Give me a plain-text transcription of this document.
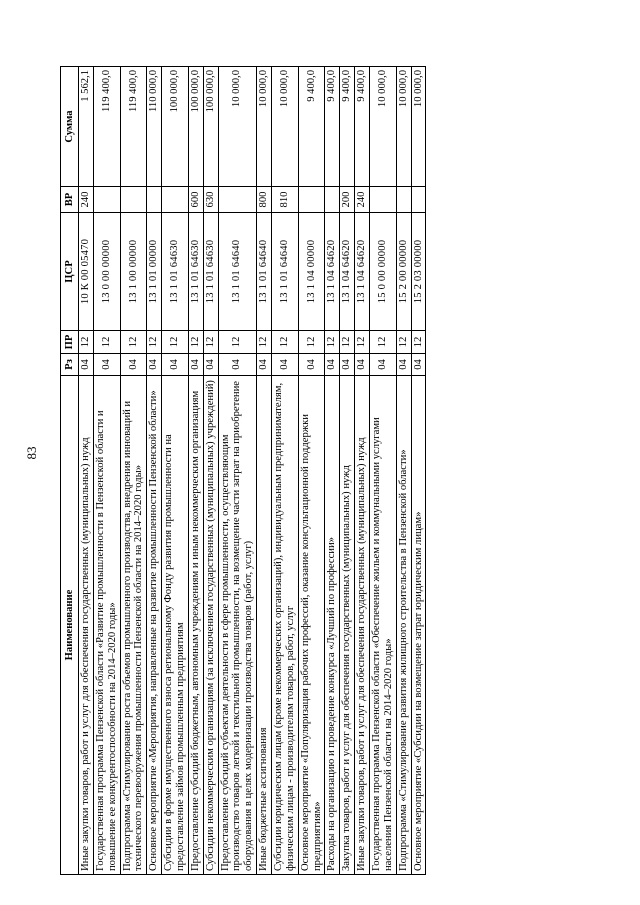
83
Наименование	Рз	ПР	ЦСР	ВР	Сумма
Иные закупки товаров, работ и услуг для обеспечения государственных (муниципальных) нужд	04	12	10 К 00 05470	240	1 562,1
Государственная программа Пензенской области «Развитие промышленности в Пензенской области и повышение ее конкурентоспособности на 2014–2020 годы»	04	12	13 0 00 00000		119 400,0
Подпрограмма «Стимулирование роста объемов промышленного производства, внедрения инноваций и технического перевооружения промышленности Пензенской области на 2014–2020 годы»	04	12	13 1 00 00000		119 400,0
Основное мероприятие «Мероприятия, направленные на развитие промышленности Пензенской области»	04	12	13 1 01 00000		110 000,0
Субсидии в форме имущественного взноса региональному Фонду развития промышленности на предоставление займов промышленным предприятиям	04	12	13 1 01 64630		100 000,0
Предоставление субсидий бюджетным, автономным учреждениям и иным некоммерческим организациям	04	12	13 1 01 64630	600	100 000,0
Субсидии некоммерческим организациям (за исключением государственных (муниципальных) учреждений)	04	12	13 1 01 64630	630	100 000,0
Предоставление субсидий субъектам деятельности в сфере промышленности, осуществляющим производство товаров легкой и текстильной промышленности, на возмещение части затрат на приобретение оборудования в целях модернизации производства товаров (работ, услуг)	04	12	13 1 01 64640		10 000,0
Иные бюджетные ассигнования	04	12	13 1 01 64640	800	10 000,0
Субсидии юридическим лицам (кроме некоммерческих организаций), индивидуальным предпринимателям, физическим лицам - производителям товаров, работ, услуг	04	12	13 1 01 64640	810	10 000,0
Основное мероприятие «Популяризация рабочих профессий, оказание консультационной поддержки предприятиям»	04	12	13 1 04 00000		9 400,0
Расходы на организацию и проведение конкурса «Лучший по профессии»	04	12	13 1 04 64620		9 400,0
Закупка товаров, работ и услуг для обеспечения государственных (муниципальных) нужд	04	12	13 1 04 64620	200	9 400,0
Иные закупки товаров, работ и услуг для обеспечения государственных (муниципальных) нужд	04	12	13 1 04 64620	240	9 400,0
Государственная программа Пензенской области «Обеспечение жильем и коммунальными услугами населения Пензенской области на 2014–2020 годы»	04	12	15 0 00 00000		10 000,0
Подпрограмма «Стимулирование развития жилищного строительства в Пензенской области»	04	12	15 2 00 00000		10 000,0
Основное мероприятие «Субсидии на возмещение затрат юридическим лицам»	04	12	15 2 03 00000		10 000,0
